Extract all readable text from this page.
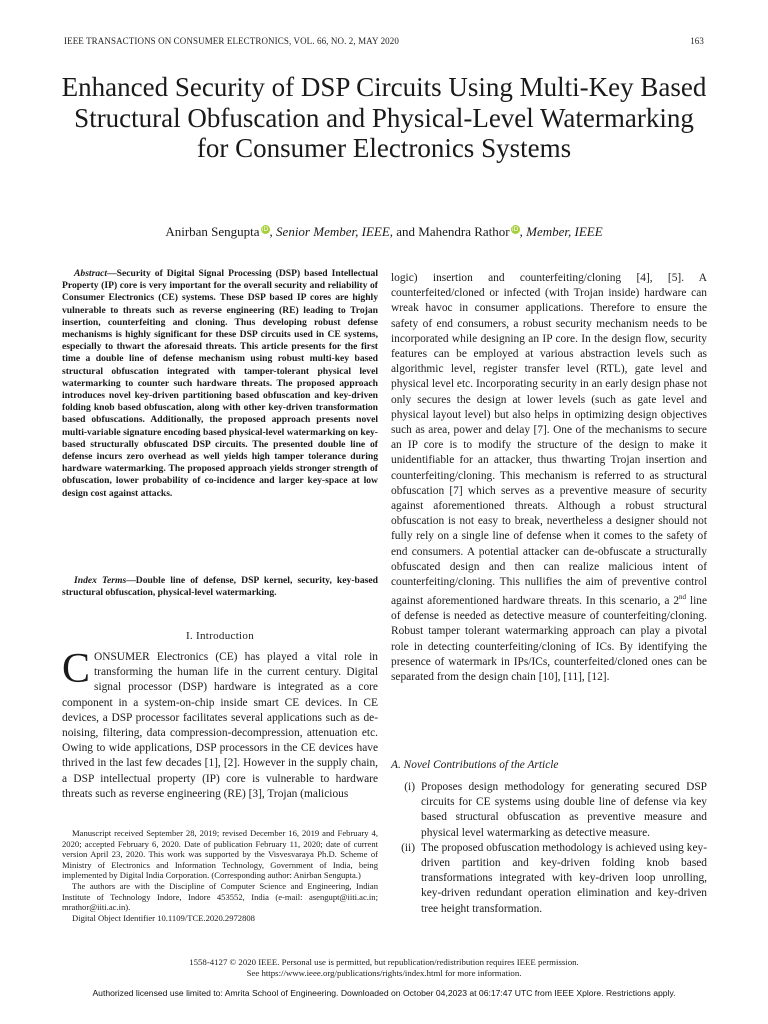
IEEE TRANSACTIONS ON CONSUMER ELECTRONICS, VOL. 66, NO. 2, MAY 2020	163
Enhanced Security of DSP Circuits Using Multi-Key Based Structural Obfuscation and Physical-Level Watermarking for Consumer Electronics Systems
Anirban Sengupta iD, Senior Member, IEEE, and Mahendra Rathor iD, Member, IEEE

Abstract—Security of Digital Signal Processing (DSP) based Intellectual Property (IP) core is very important for the overall security and reliability of Consumer Electronics (CE) systems. These DSP based IP cores are highly vulnerable to threats such as reverse engineering (RE) leading to Trojan insertion, counterfeiting and cloning. Thus developing robust defense mechanisms is highly significant for these DSP circuits used in CE systems, especially to thwart the aforesaid threats. This article presents for the first time a double line of defense mechanism using robust multi-key based structural obfuscation integrated with tamper-tolerant physical level watermarking to counter such hardware threats. The proposed approach introduces novel key-driven partitioning based obfuscation and key-driven folding knob based obfuscation, along with other key-driven transformation based obfuscations. Additionally, the proposed approach presents novel multi-variable signature encoding based physical-level watermarking on key-based structurally obfuscated DSP circuits. The presented double line of defense incurs zero overhead as well yields high tamper tolerance during hardware watermarking. The proposed approach yields stronger strength of obfuscation, lower probability of co-incidence and larger key-space at low design cost against attacks.

Index Terms—Double line of defense, DSP kernel, security, key-based structural obfuscation, physical-level watermarking.

I. Introduction

CONSUMER Electronics (CE) has played a vital role in transforming the human life in the current century. Digital signal processor (DSP) hardware is integrated as a core component in a system-on-chip inside smart CE devices. In CE devices, a DSP processor facilitates several applications such as de-noising, filtering, data compression-decompression, attenuation etc. Owing to wide applications, DSP processors in the CE devices have thrived in the last few decades [1], [2]. However in the supply chain, a DSP intellectual property (IP) core is vulnerable to hardware threats such as reverse engineering (RE) [3], Trojan (malicious

Manuscript received September 28, 2019; revised December 16, 2019 and February 4, 2020; accepted February 6, 2020. Date of publication February 11, 2020; date of current version April 23, 2020. This work was supported by the Visvesvaraya Ph.D. Scheme of Ministry of Electronics and Information Technology, Government of India, being implemented by Digital India Corporation. (Corresponding author: Anirban Sengupta.)

The authors are with the Discipline of Computer Science and Engineering, Indian Institute of Technology Indore, Indore 453552, India (e-mail: asengupt@iiti.ac.in; mrathor@iiti.ac.in).

Digital Object Identifier 10.1109/TCE.2020.2972808

logic) insertion and counterfeiting/cloning [4], [5]. A counterfeited/cloned or infected (with Trojan inside) hardware can wreak havoc in consumer applications. Therefore to ensure the safety of end consumers, a robust security mechanism needs to be incorporated while designing an IP core. In the design flow, security features can be employed at various abstraction levels such as algorithmic level, register transfer level (RTL), gate level and physical level etc. Incorporating security in an early design phase not only secures the design at lower levels (such as gate level and physical layout level) but also helps in optimizing design objectives such as area, power and delay [7]. One of the mechanisms to secure an IP core is to modify the structure of the design to make it unidentifiable for an attacker, thus thwarting Trojan insertion and counterfeiting/cloning. This mechanism is referred to as structural obfuscation [7] which serves as a preventive measure of security against aforementioned threats. Although a robust structural obfuscation is not easy to break, nevertheless a designer should not fully rely on a single line of defense when it comes to the safety of end consumers. A potential attacker can de-obfuscate a structurally obfuscated design and then can realize malicious intent of counterfeiting/cloning. This nullifies the aim of preventive control against aforementioned hardware threats. In this scenario, a 2nd line of defense is needed as detective measure of counterfeiting/cloning. Robust tamper tolerant watermarking approach can play a pivotal role in detecting counterfeiting/cloning of ICs. By identifying the presence of watermark in IPs/ICs, counterfeited/cloned ones can be separated from the design chain [10], [11], [12].

A. Novel Contributions of the Article
(i) Proposes design methodology for generating secured DSP circuits for CE systems using double line of defense via key based structural obfuscation as preventive measure and physical level watermarking as detective measure.
(ii) The proposed obfuscation methodology is achieved using key-driven partition and key-driven folding knob based transformations integrated with key-driven loop unrolling, key-driven redundant operation elimination and key-driven tree height transformation.
1558-4127 © 2020 IEEE. Personal use is permitted, but republication/redistribution requires IEEE permission.
See https://www.ieee.org/publications/rights/index.html for more information.
Authorized licensed use limited to: Amrita School of Engineering. Downloaded on October 04,2023 at 06:17:47 UTC from IEEE Xplore. Restrictions apply.
